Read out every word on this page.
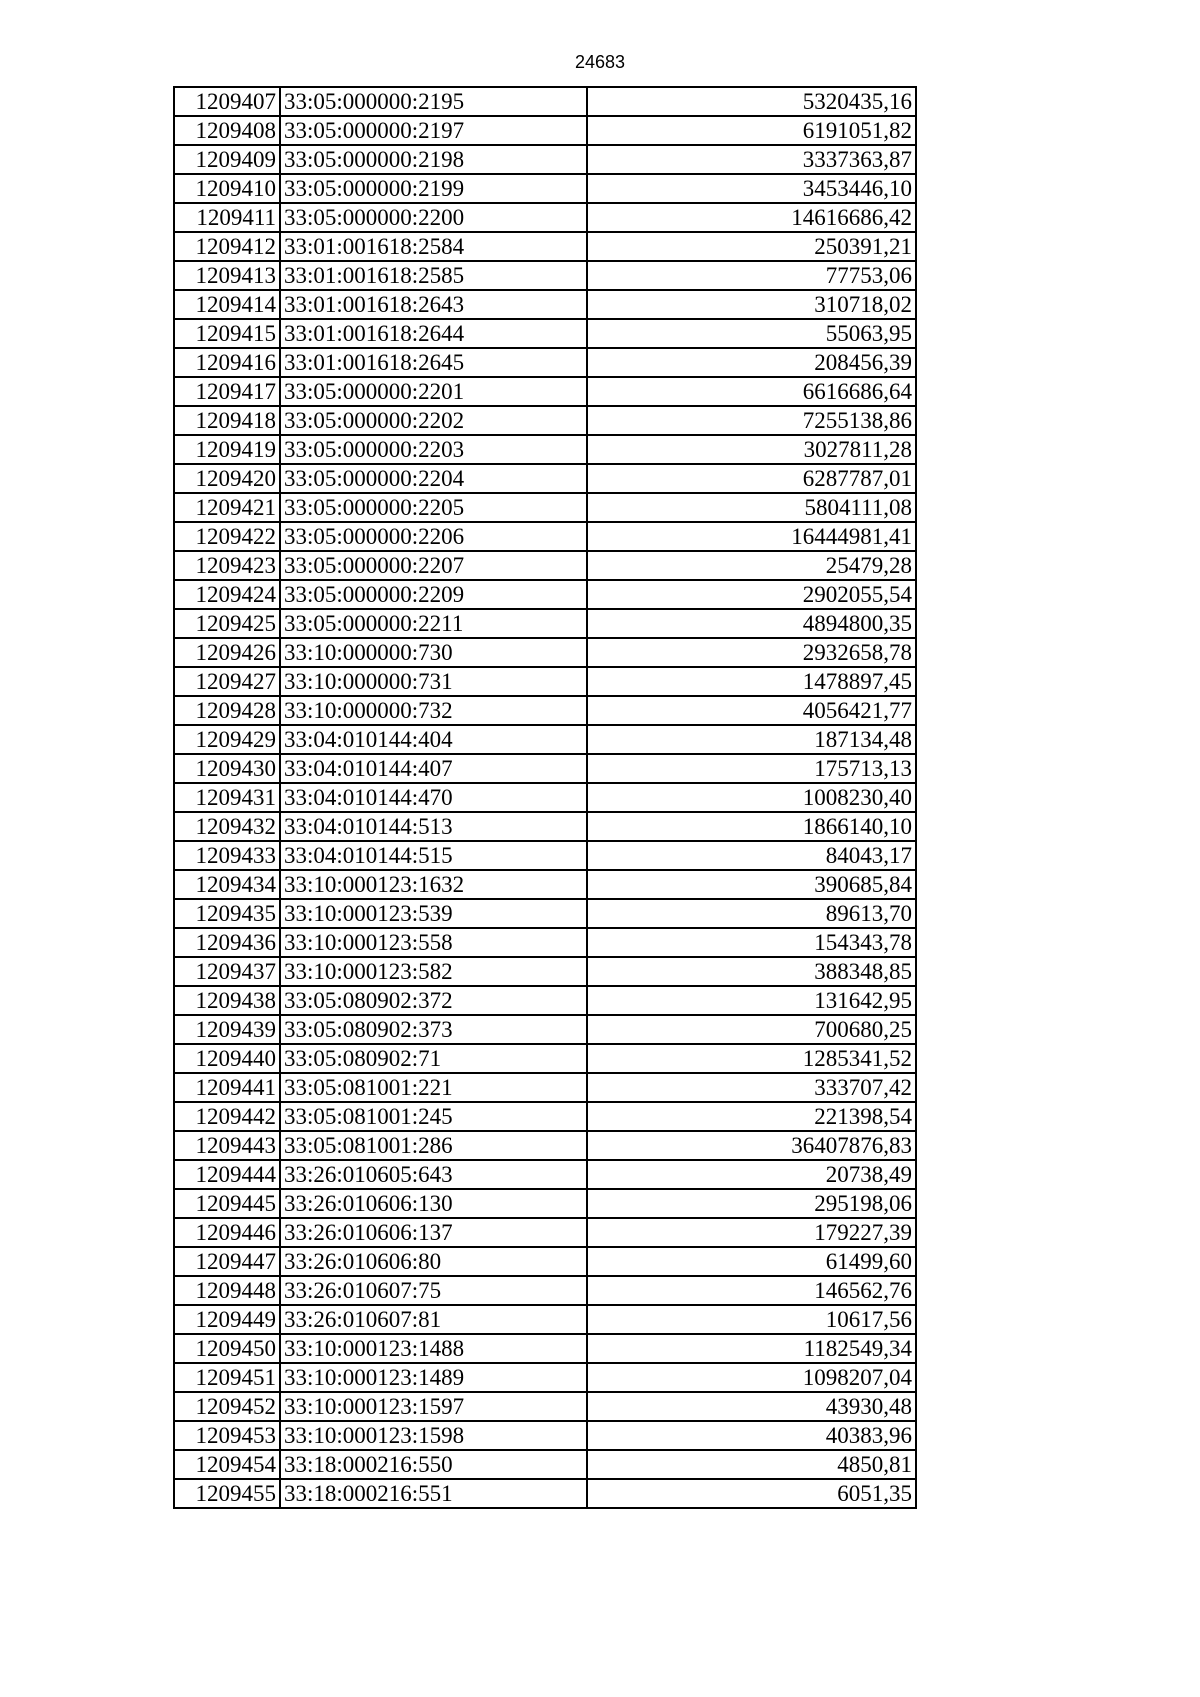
24683
1209407	33:05:000000:2195	5320435,16
1209408	33:05:000000:2197	6191051,82
1209409	33:05:000000:2198	3337363,87
1209410	33:05:000000:2199	3453446,10
1209411	33:05:000000:2200	14616686,42
1209412	33:01:001618:2584	250391,21
1209413	33:01:001618:2585	77753,06
1209414	33:01:001618:2643	310718,02
1209415	33:01:001618:2644	55063,95
1209416	33:01:001618:2645	208456,39
1209417	33:05:000000:2201	6616686,64
1209418	33:05:000000:2202	7255138,86
1209419	33:05:000000:2203	3027811,28
1209420	33:05:000000:2204	6287787,01
1209421	33:05:000000:2205	5804111,08
1209422	33:05:000000:2206	16444981,41
1209423	33:05:000000:2207	25479,28
1209424	33:05:000000:2209	2902055,54
1209425	33:05:000000:2211	4894800,35
1209426	33:10:000000:730	2932658,78
1209427	33:10:000000:731	1478897,45
1209428	33:10:000000:732	4056421,77
1209429	33:04:010144:404	187134,48
1209430	33:04:010144:407	175713,13
1209431	33:04:010144:470	1008230,40
1209432	33:04:010144:513	1866140,10
1209433	33:04:010144:515	84043,17
1209434	33:10:000123:1632	390685,84
1209435	33:10:000123:539	89613,70
1209436	33:10:000123:558	154343,78
1209437	33:10:000123:582	388348,85
1209438	33:05:080902:372	131642,95
1209439	33:05:080902:373	700680,25
1209440	33:05:080902:71	1285341,52
1209441	33:05:081001:221	333707,42
1209442	33:05:081001:245	221398,54
1209443	33:05:081001:286	36407876,83
1209444	33:26:010605:643	20738,49
1209445	33:26:010606:130	295198,06
1209446	33:26:010606:137	179227,39
1209447	33:26:010606:80	61499,60
1209448	33:26:010607:75	146562,76
1209449	33:26:010607:81	10617,56
1209450	33:10:000123:1488	1182549,34
1209451	33:10:000123:1489	1098207,04
1209452	33:10:000123:1597	43930,48
1209453	33:10:000123:1598	40383,96
1209454	33:18:000216:550	4850,81
1209455	33:18:000216:551	6051,35
